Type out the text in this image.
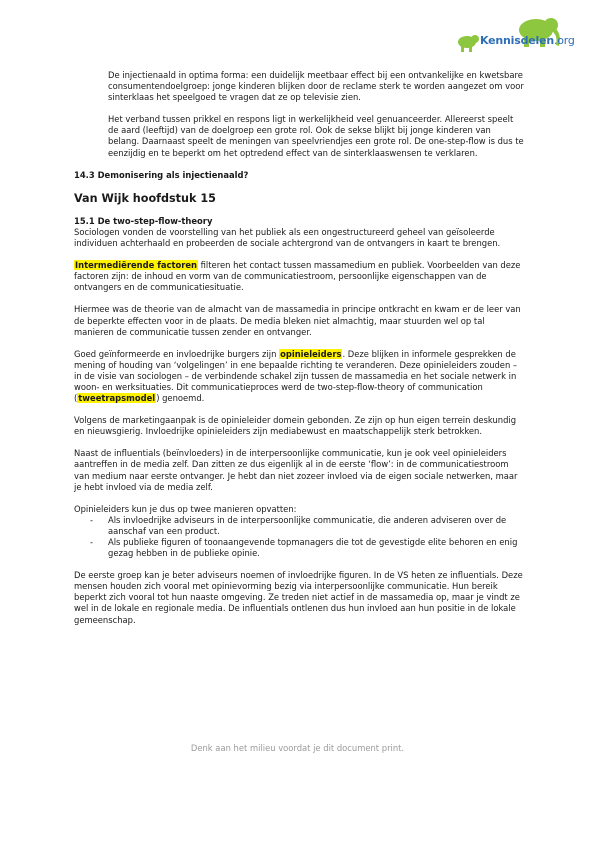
Kennisdelen.org

De injectienaald in optima forma: een duidelijk meetbaar effect bij een ontvankelijke en kwetsbare consumentendoelgroep: jonge kinderen blijken door de reclame sterk te worden aangezet om voor sinterklaas het speelgoed te vragen dat ze op televisie zien.

Het verband tussen prikkel en respons ligt in werkelijkheid veel genuanceerder. Allereerst speelt de aard (leeftijd) van de doelgroep een grote rol. Ook de sekse blijkt bij jonge kinderen van belang. Daarnaast speelt de meningen van speelvriendjes een grote rol. De one-step-flow is dus te eenzijdig en te beperkt om het optredend effect van de sinterklaaswensen te verklaren.

14.3 Demonisering als injectienaald?
Van Wijk hoofdstuk 15
15.1 De two-step-flow-theory

Sociologen vonden de voorstelling van het publiek als een ongestructureerd geheel van geïsoleerde individuen achterhaald en probeerden de sociale achtergrond van de ontvangers in kaart te brengen.

Intermediërende factoren filteren het contact tussen massamedium en publiek. Voorbeelden van deze factoren zijn: de inhoud en vorm van de communicatiestroom, persoonlijke eigenschappen van de ontvangers en de communicatiesituatie.

Hiermee was de theorie van de almacht van de massamedia in principe ontkracht en kwam er de leer van de beperkte effecten voor in de plaats. De media bleken niet almachtig, maar stuurden wel op tal manieren de communicatie tussen zender en ontvanger.

Goed geïnformeerde en invloedrijke burgers zijn opinieleiders. Deze blijken in informele gesprekken de mening of houding van ‘volgelingen’ in ene bepaalde richting te veranderen. Deze opinieleiders zouden – in de visie van sociologen – de verbindende schakel zijn tussen de massamedia en het sociale netwerk in woon- en werksituaties. Dit communicatieproces werd de two-step-flow-theory of communication (tweetrapsmodel) genoemd.

Volgens de marketingaanpak is de opinieleider domein gebonden. Ze zijn op hun eigen terrein deskundig en nieuwsgierig. Invloedrijke opinieleiders zijn mediabewust en maatschappelijk sterk betrokken.

Naast de influentials (beïnvloeders) in de interpersoonlijke communicatie, kun je ook veel opinieleiders aantreffen in de media zelf. Dan zitten ze dus eigenlijk al in de eerste ‘flow’: in de communicatiestroom van medium naar eerste ontvanger. Je hebt dan niet zozeer invloed via de eigen sociale netwerken, maar je hebt invloed via de media zelf.

Opinieleiders kun je dus op twee manieren opvatten:

- Als invloedrijke adviseurs in de interpersoonlijke communicatie, die anderen adviseren over de aanschaf van een product.
- Als publieke figuren of toonaangevende topmanagers die tot de gevestigde elite behoren en enig gezag hebben in de publieke opinie.

De eerste groep kan je beter adviseurs noemen of invloedrijke figuren. In de VS heten ze influentials. Deze mensen houden zich vooral met opinievorming bezig via interpersoonlijke communicatie. Hun bereik beperkt zich vooral tot hun naaste omgeving. Ze treden niet actief in de massamedia op, maar je vindt ze wel in de lokale en regionale media. De influentials ontlenen dus hun invloed aan hun positie in de lokale gemeenschap.

Denk aan het milieu voordat je dit document print.
